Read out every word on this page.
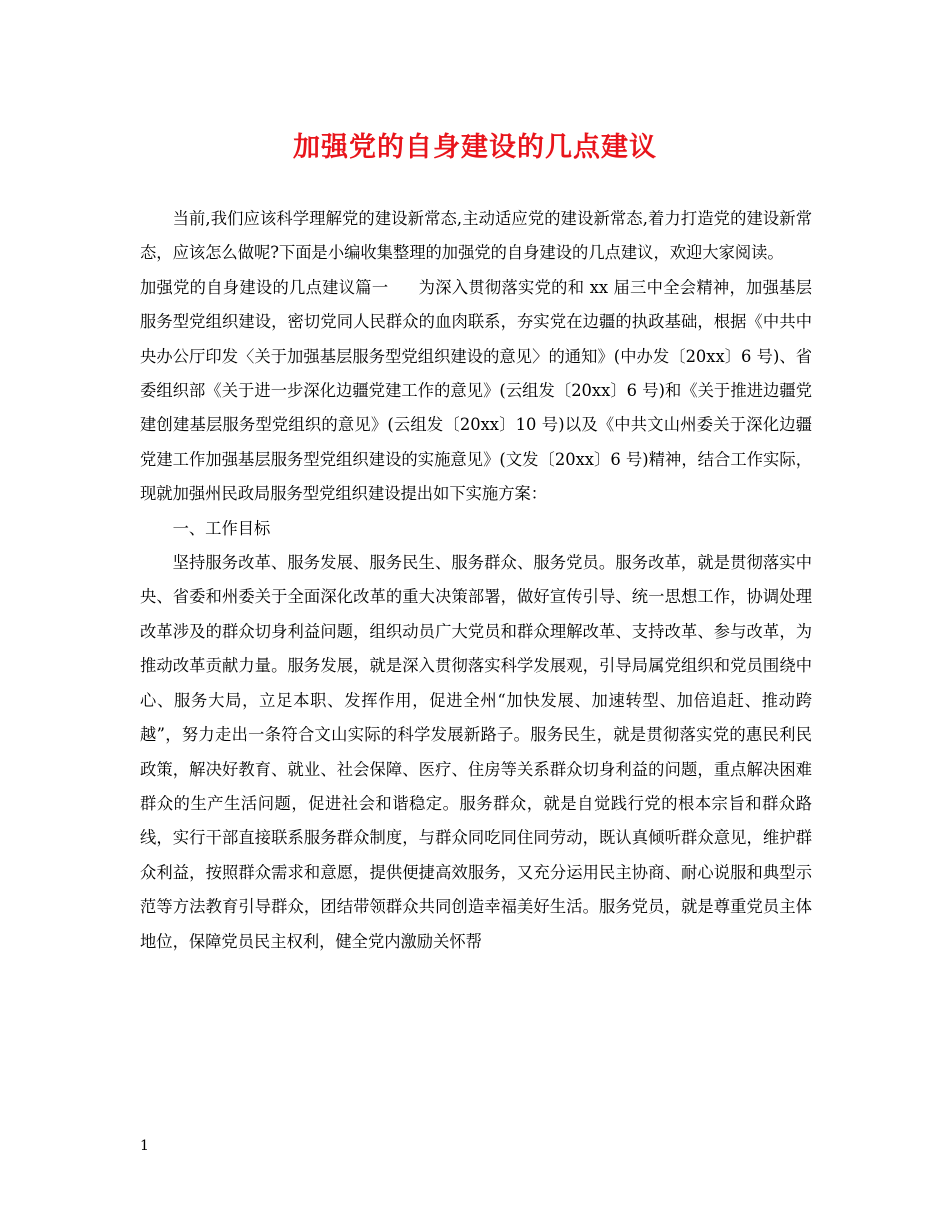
加强党的自身建设的几点建议

当前,我们应该科学理解党的建设新常态,主动适应党的建设新常态,着力打造党的建设新常态，应该怎么做呢?下面是小编收集整理的加强党的自身建设的几点建议，欢迎大家阅读。

加强党的自身建设的几点建议篇一 为深入贯彻落实党的和 xx 届三中全会精神，加强基层服务型党组织建设，密切党同人民群众的血肉联系，夯实党在边疆的执政基础，根据《中共中央办公厅印发〈关于加强基层服务型党组织建设的意见〉的通知》(中办发〔20xx〕6 号)、省委组织部《关于进一步深化边疆党建工作的意见》(云组发〔20xx〕6 号)和《关于推进边疆党建创建基层服务型党组织的意见》(云组发〔20xx〕10 号)以及《中共文山州委关于深化边疆党建工作加强基层服务型党组织建设的实施意见》(文发〔20xx〕6 号)精神，结合工作实际，现就加强州民政局服务型党组织建设提出如下实施方案：

一、工作目标

坚持服务改革、服务发展、服务民生、服务群众、服务党员。服务改革，就是贯彻落实中央、省委和州委关于全面深化改革的重大决策部署，做好宣传引导、统一思想工作，协调处理改革涉及的群众切身利益问题，组织动员广大党员和群众理解改革、支持改革、参与改革，为推动改革贡献力量。服务发展，就是深入贯彻落实科学发展观，引导局属党组织和党员围绕中心、服务大局，立足本职、发挥作用，促进全州“加快发展、加速转型、加倍追赶、推动跨越”，努力走出一条符合文山实际的科学发展新路子。服务民生，就是贯彻落实党的惠民利民政策，解决好教育、就业、社会保障、医疗、住房等关系群众切身利益的问题，重点解决困难群众的生产生活问题，促进社会和谐稳定。服务群众，就是自觉践行党的根本宗旨和群众路线，实行干部直接联系服务群众制度，与群众同吃同住同劳动，既认真倾听群众意见，维护群众利益，按照群众需求和意愿，提供便捷高效服务，又充分运用民主协商、耐心说服和典型示范等方法教育引导群众，团结带领群众共同创造幸福美好生活。服务党员，就是尊重党员主体地位，保障党员民主权利，健全党内激励关怀帮

1
